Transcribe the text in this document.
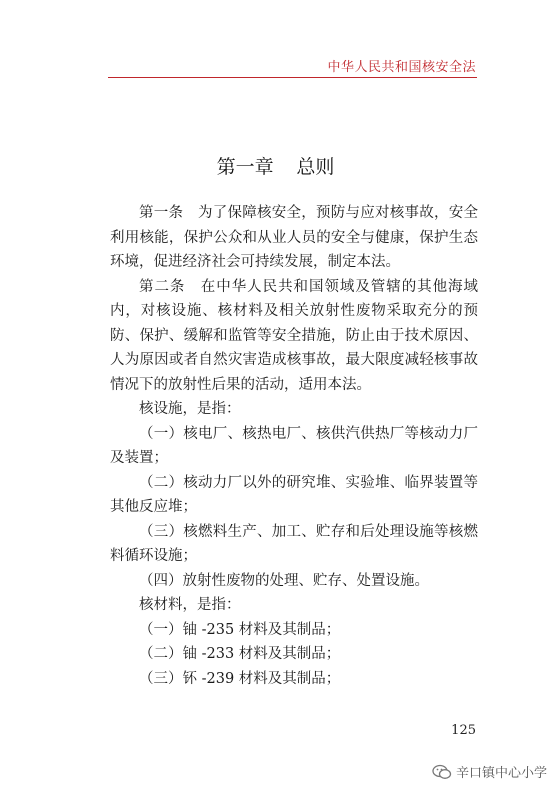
中华人民共和国核安全法
第一章 总则

第一条　为了保障核安全，预防与应对核事故，安全利用核能，保护公众和从业人员的安全与健康，保护生态环境，促进经济社会可持续发展，制定本法。

第二条　在中华人民共和国领域及管辖的其他海域内，对核设施、核材料及相关放射性废物采取充分的预防、保护、缓解和监管等安全措施，防止由于技术原因、人为原因或者自然灾害造成核事故，最大限度减轻核事故情况下的放射性后果的活动，适用本法。

核设施，是指：

（一）核电厂、核热电厂、核供汽供热厂等核动力厂及装置；

（二）核动力厂以外的研究堆、实验堆、临界装置等其他反应堆；

（三）核燃料生产、加工、贮存和后处理设施等核燃料循环设施；

（四）放射性废物的处理、贮存、处置设施。

核材料，是指：

（一）铀 -235 材料及其制品；

（二）铀 -233 材料及其制品；

（三）钚 -239 材料及其制品；

125
辛口镇中心小学
